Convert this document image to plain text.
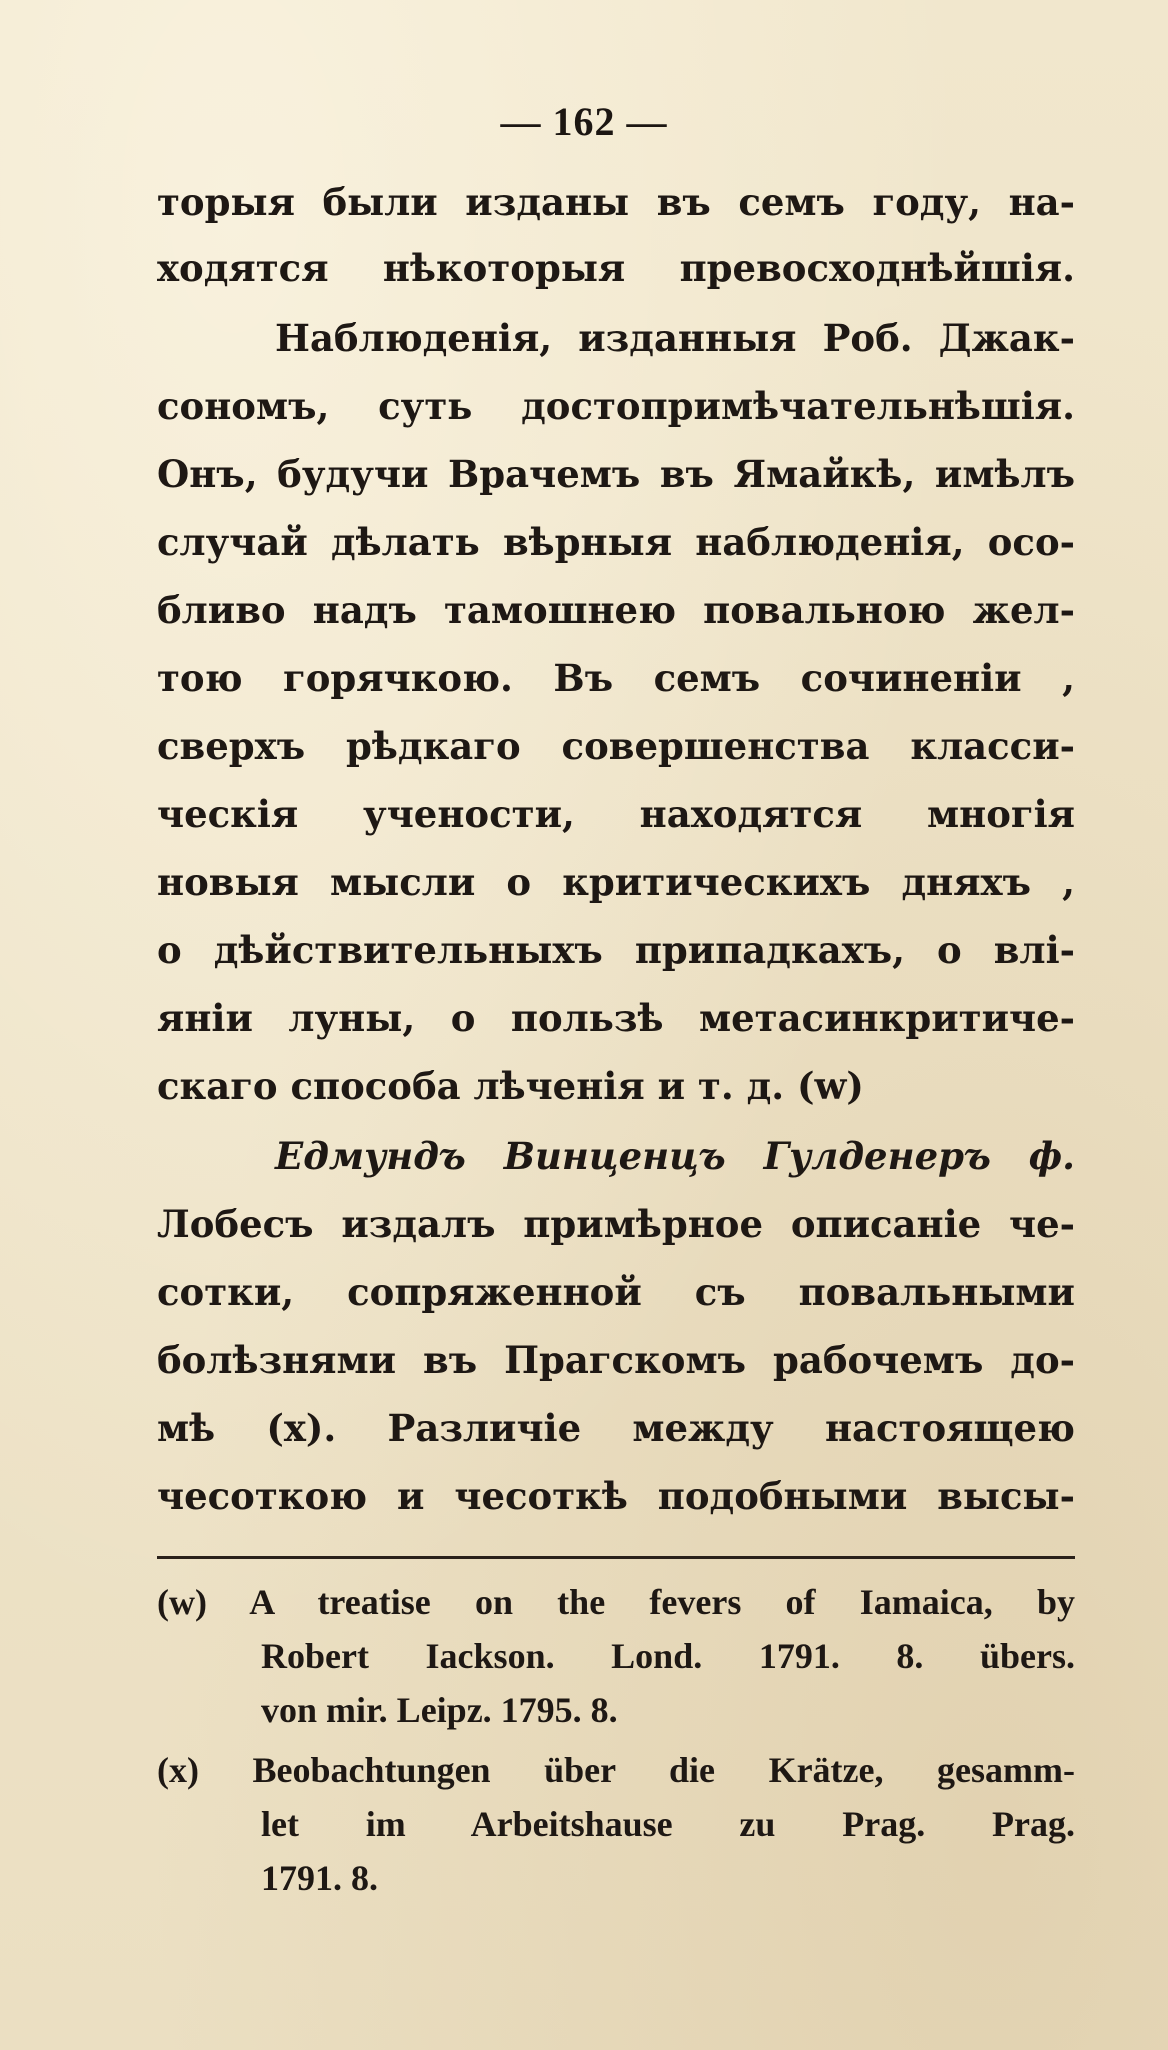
— 162 —
торыя были изданы въ семъ году, на-
ходятся нѣкоторыя превосходнѣйшія.
Наблюденія, изданныя Роб. Джак-
сономъ, суть достопримѣчательнѣшія.
Онъ, будучи Врачемъ въ Ямайкѣ, имѣлъ
случай дѣлать вѣрныя наблюденія, осо-
бливо надъ тамошнею повальною жел-
тою горячкою. Въ семъ сочиненіи ,
сверхъ рѣдкаго совершенства класси-
ческія учености, находятся многія
новыя мысли о критическихъ дняхъ ,
о дѣйствительныхъ припадкахъ, о влі-
яніи луны, о пользѣ метасинкритиче-
скаго способа лѣченія и т. д. (w)
Едмундъ Винценцъ Гулденеръ ф.
Лобесъ издалъ примѣрное описаніе че-
сотки, сопряженной съ повальными
болѣзнями въ Прагскомъ рабочемъ до-
мѣ (x). Различіе между настоящею
чесоткою и чесоткѣ подобными высы-
(w) A treatise on the fevers of Iamaica, by
Robert Iackson. Lond. 1791. 8. übers.
von mir. Leipz. 1795. 8.
(x) Beobachtungen über die Krätze, gesamm-
let im Arbeitshause zu Prag. Prag.
1791. 8.
